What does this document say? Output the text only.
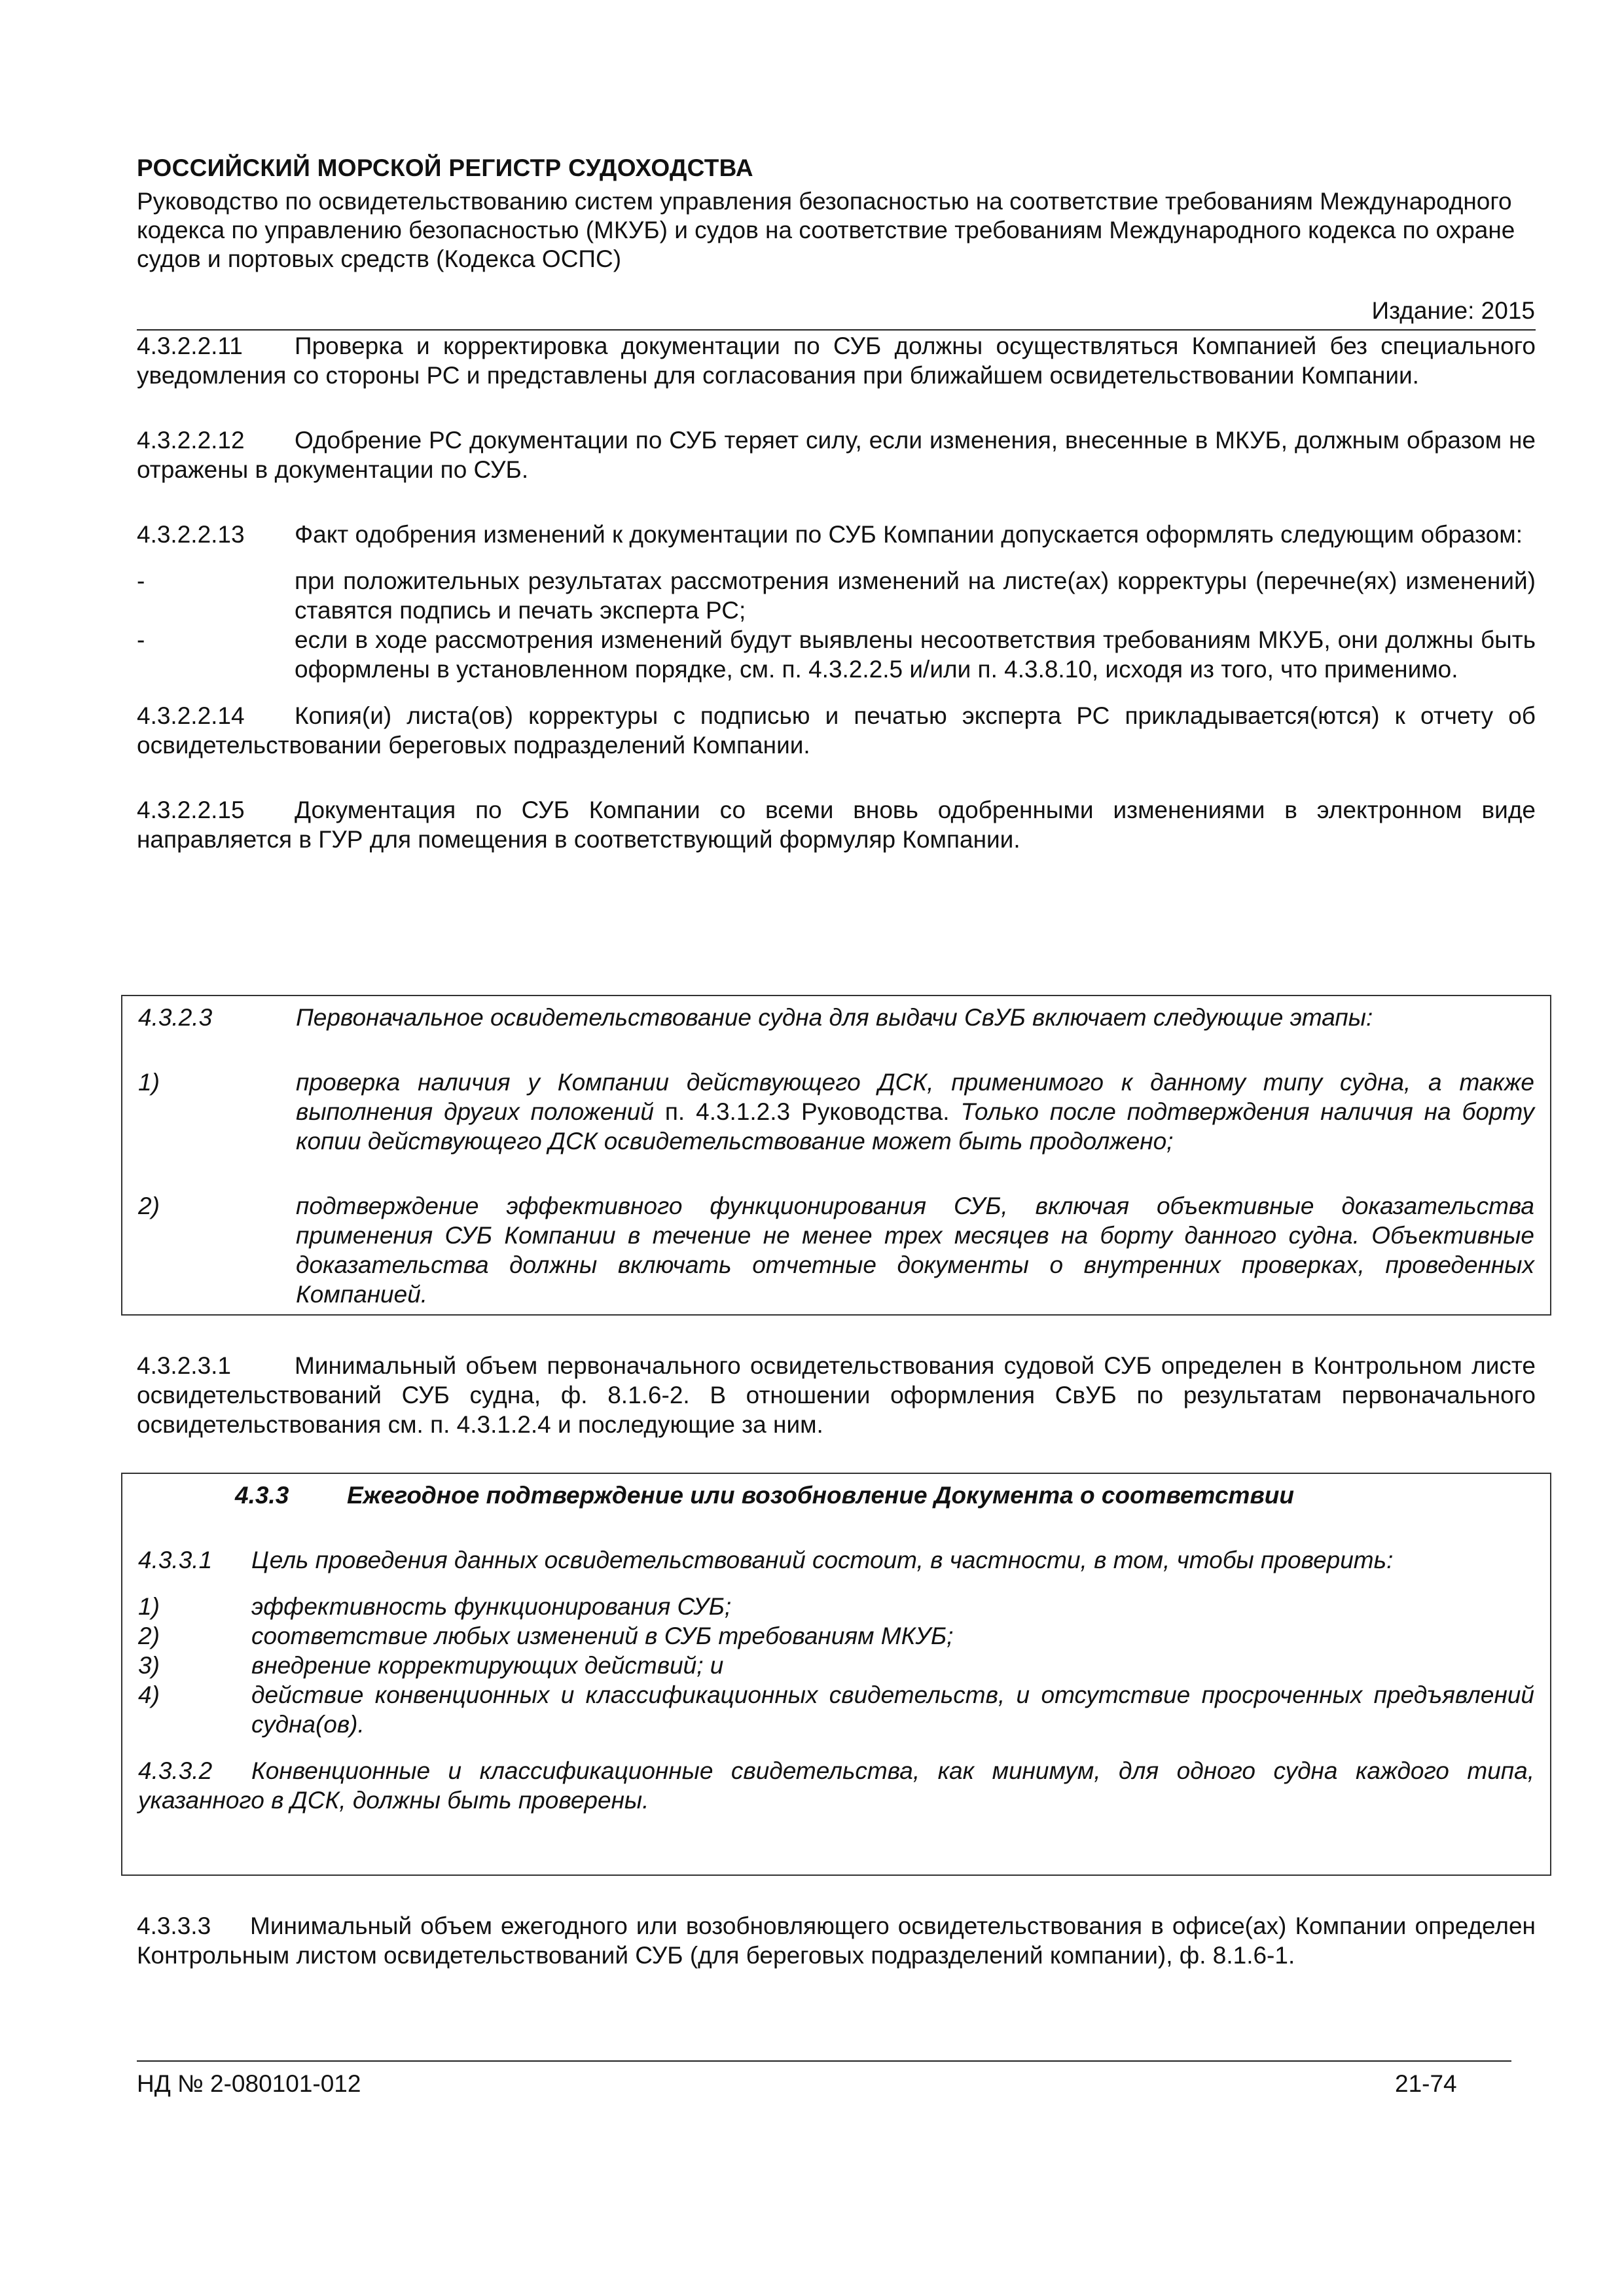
РОССИЙСКИЙ МОРСКОЙ РЕГИСТР СУДОХОДСТВА
Руководство по освидетельствованию систем управления безопасностью на соответствие требованиям Международного кодекса по управлению безопасностью (МКУБ) и судов на соответствие требованиям Международного кодекса по охране судов и портовых средств (Кодекса ОСПС)
Издание: 2015

4.3.2.2.11 Проверка и корректировка документации по СУБ должны осуществляться Компанией без специального уведомления со стороны РС и представлены для согласования при ближайшем освидетельствовании Компании.

4.3.2.2.12 Одобрение РС документации по СУБ теряет силу, если изменения, внесенные в МКУБ, должным образом не отражены в документации по СУБ.

4.3.2.2.13 Факт одобрения изменений к документации по СУБ Компании допускается оформлять следующим образом:

-	при положительных результатах рассмотрения изменений на листе(ах) корректуры (перечне(ях) изменений) ставятся подпись и печать эксперта РС;
-	если в ходе рассмотрения изменений будут выявлены несоответствия требованиям МКУБ, они должны быть оформлены в установленном порядке, см. п. 4.3.2.2.5 и/или п. 4.3.8.10, исходя из того, что применимо.

4.3.2.2.14 Копия(и) листа(ов) корректуры с подписью и печатью эксперта РС прикладывается(ются) к отчету об освидетельствовании береговых подразделений Компании.

4.3.2.2.15 Документация по СУБ Компании со всеми вновь одобренными изменениями в электронном виде направляется в ГУР для помещения в соответствующий формуляр Компании.

4.3.2.3	Первоначальное освидетельствование судна для выдачи СвУБ включает следующие этапы:
1)	проверка наличия у Компании действующего ДСК, применимого к данному типу судна, а также выполнения других положений п. 4.3.1.2.3 Руководства. Только после подтверждения наличия на борту копии действующего ДСК освидетельствование может быть продолжено;
2)	подтверждение эффективного функционирования СУБ, включая объективные доказательства применения СУБ Компании в течение не менее трех месяцев на борту данного судна. Объективные доказательства должны включать отчетные документы о внутренних проверках, проведенных Компанией.

4.3.2.3.1	Минимальный объем первоначального освидетельствования судовой СУБ определен в Контрольном листе освидетельствований СУБ судна, ф. 8.1.6-2. В отношении оформления СвУБ по результатам первоначального освидетельствования см. п. 4.3.1.2.4 и последующие за ним.

4.3.3 Ежегодное подтверждение или возобновление Документа о соответствии

4.3.3.1 Цель проведения данных освидетельствований состоит, в частности, в том, чтобы проверить:

1)	эффективность функционирования СУБ;
2)	соответствие любых изменений в СУБ требованиям МКУБ;
3)	внедрение корректирующих действий; и
4)	действие конвенционных и классификационных свидетельств, и отсутствие просроченных предъявлений судна(ов).

4.3.3.2 Конвенционные и классификационные свидетельства, как минимум, для одного судна каждого типа, указанного в ДСК, должны быть проверены.

4.3.3.3 Минимальный объем ежегодного или возобновляющего освидетельствования в офисе(ах) Компании определен Контрольным листом освидетельствований СУБ (для береговых подразделений компании), ф. 8.1.6-1.

НД № 2-080101-012	21-74
